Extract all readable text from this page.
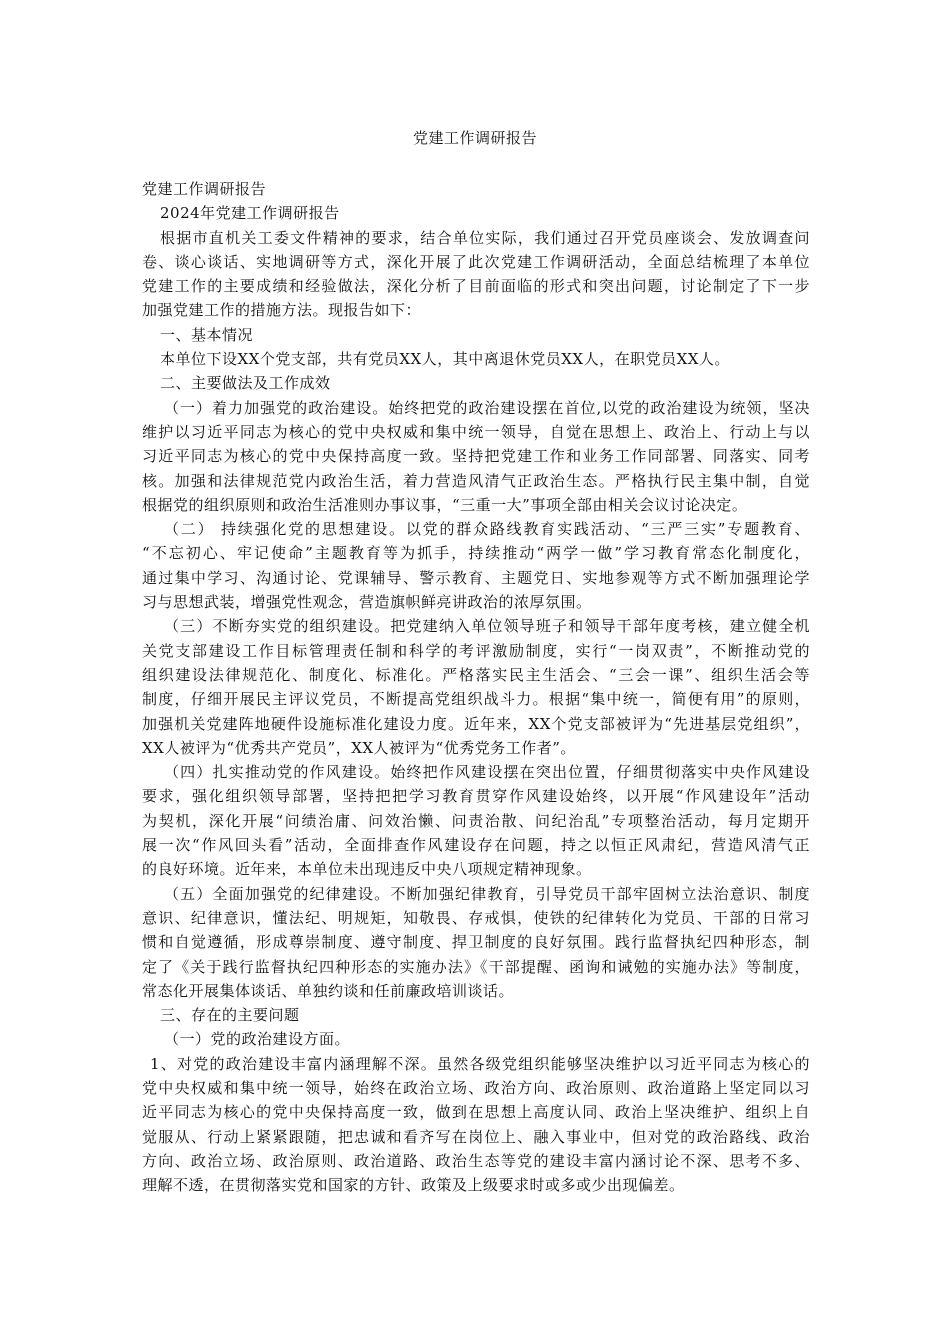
党建工作调研报告
党建工作调研报告
2024年党建工作调研报告
根据市直机关工委文件精神的要求，结合单位实际，我们通过召开党员座谈会、发放调查问
卷、谈心谈话、实地调研等方式，深化开展了此次党建工作调研活动，全面总结梳理了本单位
党建工作的主要成绩和经验做法，深化分析了目前面临的形式和突出问题，讨论制定了下一步
加强党建工作的措施方法。现报告如下：
一、基本情况
本单位下设XX个党支部，共有党员XX人，其中离退休党员XX人，在职党员XX人。
二、主要做法及工作成效
（一）着力加强党的政治建设。始终把党的政治建设摆在首位,以党的政治建设为统领，坚决
维护以习近平同志为核心的党中央权威和集中统一领导，自觉在思想上、政治上、行动上与以
习近平同志为核心的党中央保持高度一致。坚持把党建工作和业务工作同部署、同落实、同考
核。加强和法律规范党内政治生活，着力营造风清气正政治生态。严格执行民主集中制，自觉
根据党的组织原则和政治生活准则办事议事，“三重一大”事项全部由相关会议讨论决定。
（二） 持续强化党的思想建设。以党的群众路线教育实践活动、“三严三实”专题教育、
“不忘初心、牢记使命”主题教育等为抓手，持续推动“两学一做”学习教育常态化制度化，
通过集中学习、沟通讨论、党课辅导、警示教育、主题党日、实地参观等方式不断加强理论学
习与思想武装，增强党性观念，营造旗帜鲜亮讲政治的浓厚氛围。
（三）不断夯实党的组织建设。把党建纳入单位领导班子和领导干部年度考核，建立健全机
关党支部建设工作目标管理责任制和科学的考评激励制度，实行“一岗双责”，不断推动党的
组织建设法律规范化、制度化、标准化。严格落实民主生活会、“三会一课”、组织生活会等
制度，仔细开展民主评议党员，不断提高党组织战斗力。根据“集中统一，简便有用”的原则，
加强机关党建阵地硬件设施标准化建设力度。近年来，XX个党支部被评为“先进基层党组织”，
XX人被评为“优秀共产党员”，XX人被评为“优秀党务工作者”。
（四）扎实推动党的作风建设。始终把作风建设摆在突出位置，仔细贯彻落实中央作风建设
要求，强化组织领导部署，坚持把把学习教育贯穿作风建设始终，以开展“作风建设年”活动
为契机，深化开展“问绩治庸、问效治懒、问责治散、问纪治乱”专项整治活动，每月定期开
展一次“作风回头看”活动，全面排查作风建设存在问题，持之以恒正风肃纪，营造风清气正
的良好环境。近年来，本单位未出现违反中央八项规定精神现象。
（五）全面加强党的纪律建设。不断加强纪律教育，引导党员干部牢固树立法治意识、制度
意识、纪律意识，懂法纪、明规矩，知敬畏、存戒惧，使铁的纪律转化为党员、干部的日常习
惯和自觉遵循，形成尊崇制度、遵守制度、捍卫制度的良好氛围。践行监督执纪四种形态，制
定了《关于践行监督执纪四种形态的实施办法》《干部提醒、函询和诫勉的实施办法》等制度，
常态化开展集体谈话、单独约谈和任前廉政培训谈话。
三、存在的主要问题
（一）党的政治建设方面。
1、对党的政治建设丰富内涵理解不深。虽然各级党组织能够坚决维护以习近平同志为核心的
党中央权威和集中统一领导，始终在政治立场、政治方向、政治原则、政治道路上坚定同以习
近平同志为核心的党中央保持高度一致，做到在思想上高度认同、政治上坚决维护、组织上自
觉服从、行动上紧紧跟随，把忠诚和看齐写在岗位上、融入事业中，但对党的政治路线、政治
方向、政治立场、政治原则、政治道路、政治生态等党的建设丰富内涵讨论不深、思考不多、
理解不透，在贯彻落实党和国家的方针、政策及上级要求时或多或少出现偏差。
